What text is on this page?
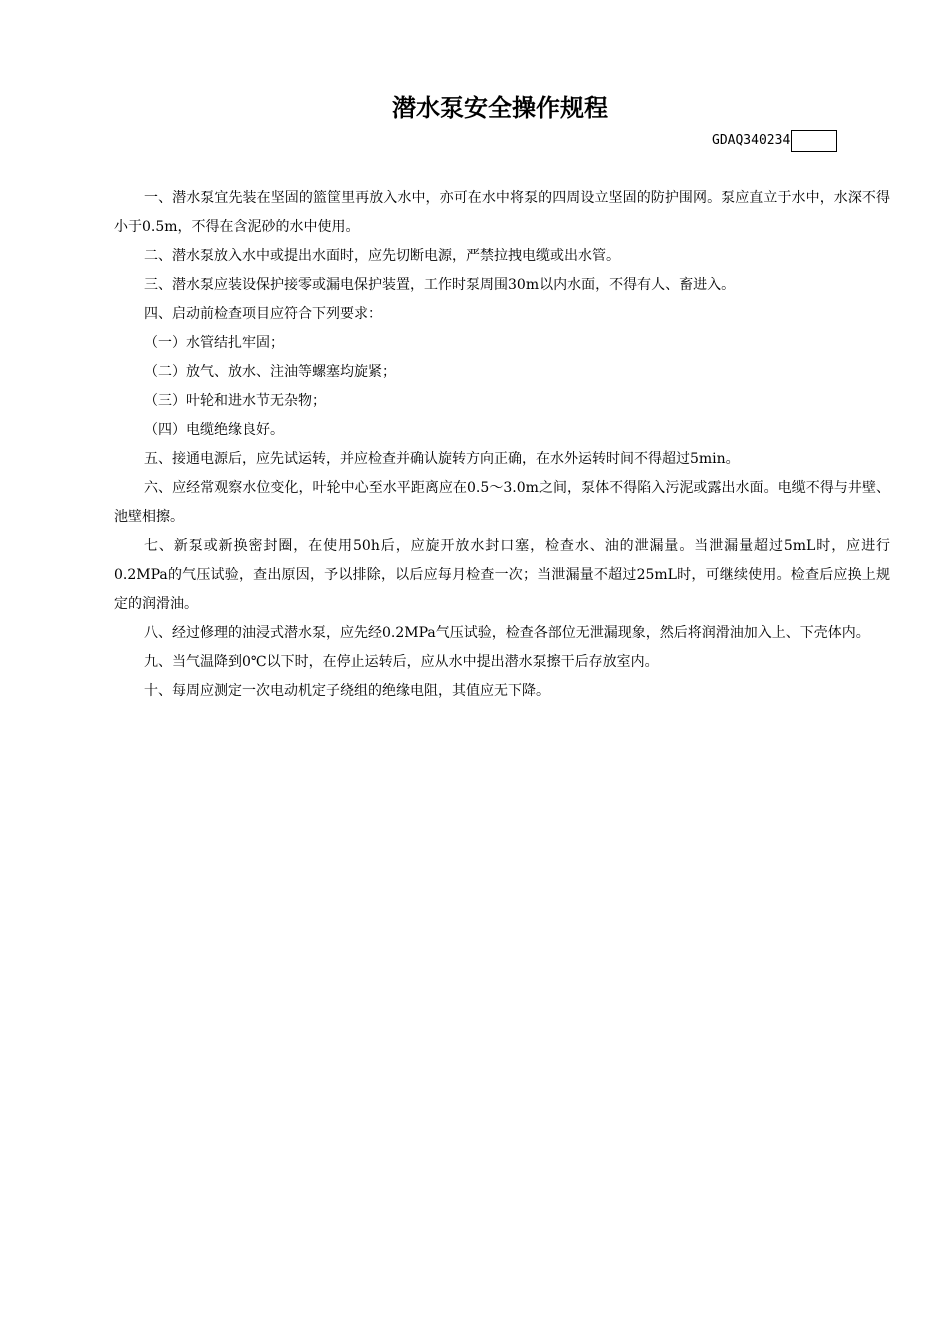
潜水泵安全操作规程
GDAQ340234

一、潜水泵宜先装在坚固的篮筐里再放入水中，亦可在水中将泵的四周设立坚固的防护围网。泵应直立于水中，水深不得小于0.5m，不得在含泥砂的水中使用。

二、潜水泵放入水中或提出水面时，应先切断电源，严禁拉拽电缆或出水管。

三、潜水泵应装设保护接零或漏电保护装置，工作时泵周围30m以内水面，不得有人、畜进入。

四、启动前检查项目应符合下列要求：

（一）水管结扎牢固；

（二）放气、放水、注油等螺塞均旋紧；

（三）叶轮和进水节无杂物；

（四）电缆绝缘良好。

五、接通电源后，应先试运转，并应检查并确认旋转方向正确，在水外运转时间不得超过5min。

六、应经常观察水位变化，叶轮中心至水平距离应在0.5～3.0m之间，泵体不得陷入污泥或露出水面。电缆不得与井壁、池壁相擦。

七、新泵或新换密封圈，在使用50h后，应旋开放水封口塞，检查水、油的泄漏量。当泄漏量超过5mL时，应进行0.2MPa的气压试验，查出原因，予以排除，以后应每月检查一次；当泄漏量不超过25mL时，可继续使用。检查后应换上规定的润滑油。

八、经过修理的油浸式潜水泵，应先经0.2MPa气压试验，检查各部位无泄漏现象，然后将润滑油加入上、下壳体内。

九、当气温降到0℃以下时，在停止运转后，应从水中提出潜水泵擦干后存放室内。

十、每周应测定一次电动机定子绕组的绝缘电阻，其值应无下降。
